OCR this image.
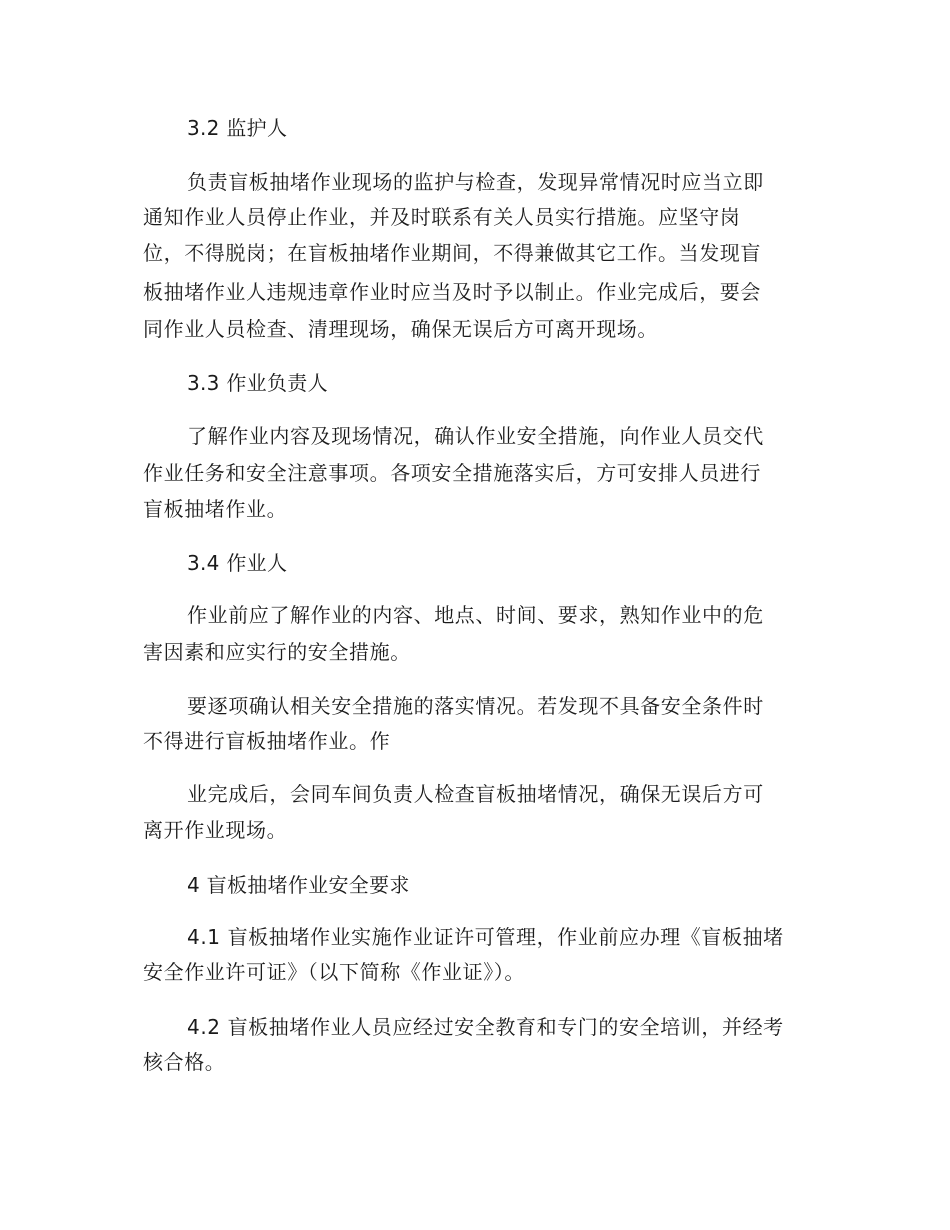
3.2 监护人
负责盲板抽堵作业现场的监护与检查，发现异常情况时应当立即
通知作业人员停止作业，并及时联系有关人员实行措施。应坚守岗
位，不得脱岗；在盲板抽堵作业期间，不得兼做其它工作。当发现盲
板抽堵作业人违规违章作业时应当及时予以制止。作业完成后，要会
同作业人员检查、清理现场，确保无误后方可离开现场。
3.3 作业负责人
了解作业内容及现场情况，确认作业安全措施，向作业人员交代
作业任务和安全注意事项。各项安全措施落实后，方可安排人员进行
盲板抽堵作业。
3.4 作业人
作业前应了解作业的内容、地点、时间、要求，熟知作业中的危
害因素和应实行的安全措施。
要逐项确认相关安全措施的落实情况。若发现不具备安全条件时
不得进行盲板抽堵作业。作
业完成后，会同车间负责人检查盲板抽堵情况，确保无误后方可
离开作业现场。
4 盲板抽堵作业安全要求
4.1 盲板抽堵作业实施作业证许可管理，作业前应办理《盲板抽堵
安全作业许可证》（以下简称《作业证》）。
4.2 盲板抽堵作业人员应经过安全教育和专门的安全培训，并经考
核合格。
